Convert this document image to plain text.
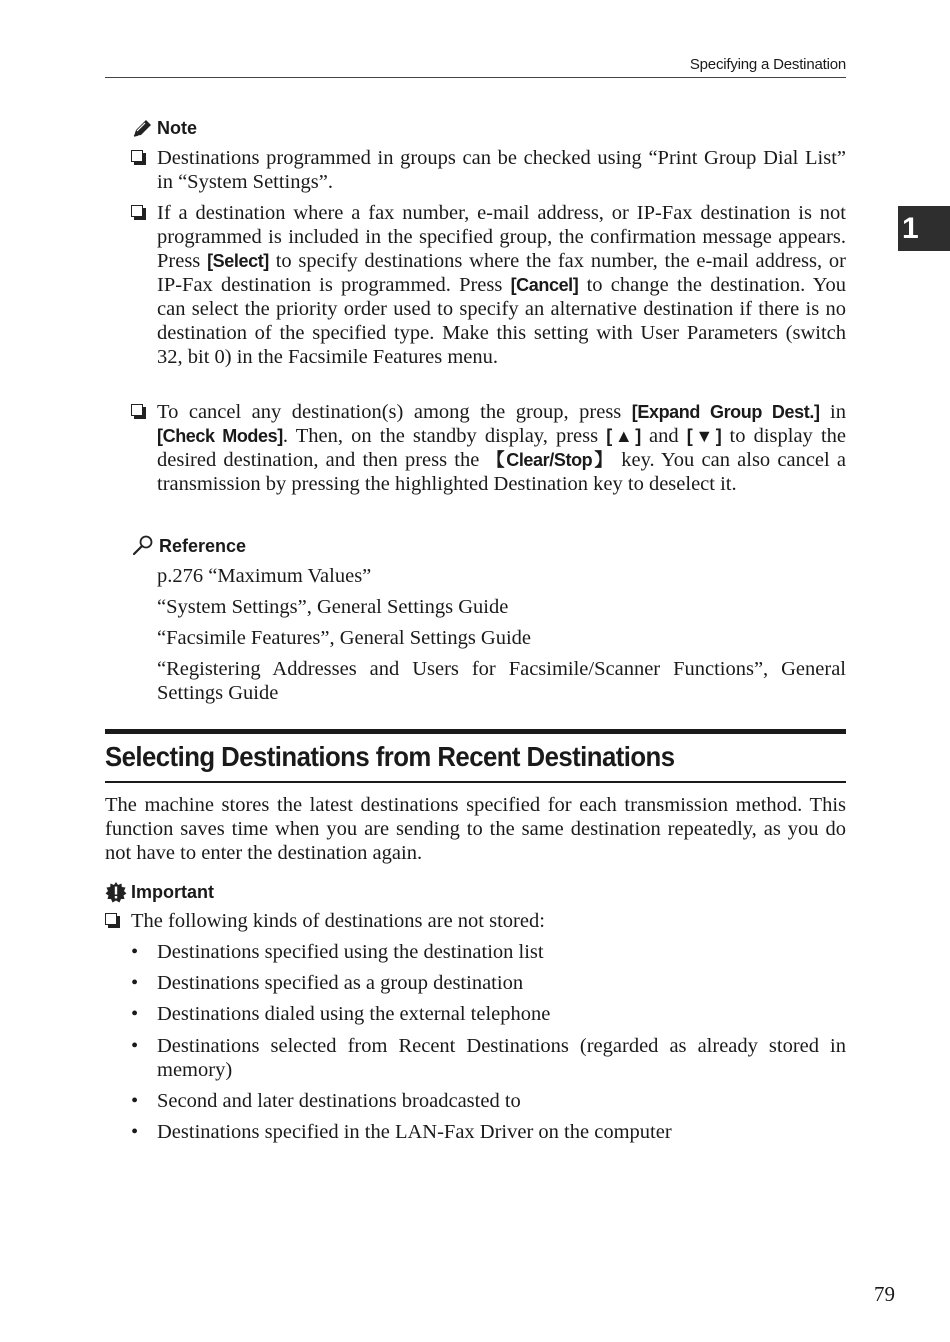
Specifying a Destination
1
Note
Destinations programmed in groups can be checked using “Print Group Dial List” in “System Settings”.
If a destination where a fax number, e-mail address, or IP-Fax destination is not programmed is included in the specified group, the confirmation message appears. Press [Select] to specify destinations where the fax number, the e-mail address, or IP-Fax destination is programmed. Press [Cancel] to change the destination. You can select the priority order used to specify an alternative destination if there is no destination of the specified type. Make this setting with User Parameters (switch 32, bit 0) in the Facsimile Features menu.
To cancel any destination(s) among the group, press [Expand Group Dest.] in [Check Modes]. Then, on the standby display, press [▲] and [▼] to display the desired destination, and then press the 【Clear/Stop】 key. You can also cancel a transmission by pressing the highlighted Destination key to deselect it.
Reference
p.276 “Maximum Values”
“System Settings”, General Settings Guide
“Facsimile Features”, General Settings Guide
“Registering Addresses and Users for Facsimile/Scanner Functions”, General Settings Guide
Selecting Destinations from Recent Destinations
The machine stores the latest destinations specified for each transmission method. This function saves time when you are sending to the same destination repeatedly, as you do not have to enter the destination again.
Important
The following kinds of destinations are not stored:
• Destinations specified using the destination list
• Destinations specified as a group destination
• Destinations dialed using the external telephone
• Destinations selected from Recent Destinations (regarded as already stored in memory)
• Second and later destinations broadcasted to
• Destinations specified in the LAN-Fax Driver on the computer
79
